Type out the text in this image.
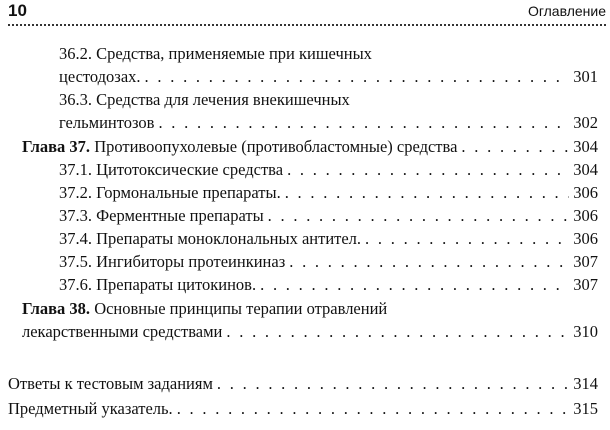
10	Оглавление
36.2. Средства, применяемые при кишечных
цестодозах. . . .	301
36.3. Средства для лечения внекишечных
гельминтозов . . .	302
Глава 37. Противоопухолевые (противобластомные) средства . . .	304
37.1. Цитотоксические средства . . .	304
37.2. Гормональные препараты. . . .	306
37.3. Ферментные препараты . . .	306
37.4. Препараты моноклональных антител. . . .	306
37.5. Ингибиторы протеинкиназ . . .	307
37.6. Препараты цитокинов. . . .	307
Глава 38. Основные принципы терапии отравлений
лекарственными средствами . . .	310
Ответы к тестовым заданиям . . .	314
Предметный указатель. . . .	315
